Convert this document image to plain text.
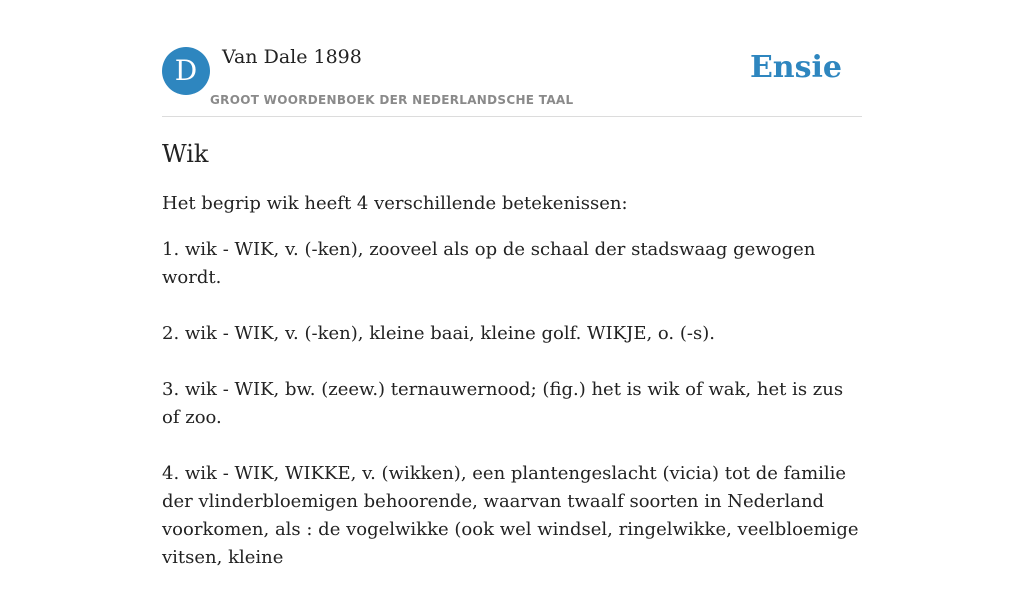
D	Van Dale 1898
GROOT WOORDENBOEK DER NEDERLANDSCHE TAAL
Ensie
Wik

Het begrip wik heeft 4 verschillende betekenissen:

1. wik - WIK, v. (-ken), zooveel als op de schaal der stadswaag gewogen wordt.
2. wik - WIK, v. (-ken), kleine baai, kleine golf. WIKJE, o. (-s).
3. wik - WIK, bw. (zeew.) ternauwernood; (fig.) het is wik of wak, het is zus of zoo.
4. wik - WIK, WIKKE, v. (wikken), een plantengeslacht (vicia) tot de familie der vlinderbloemigen behoorende, waarvan twaalf soorten in Nederland voorkomen, als : de vogelwikke (ook wel windsel, ringelwikke, veelbloemige vitsen, kleine
